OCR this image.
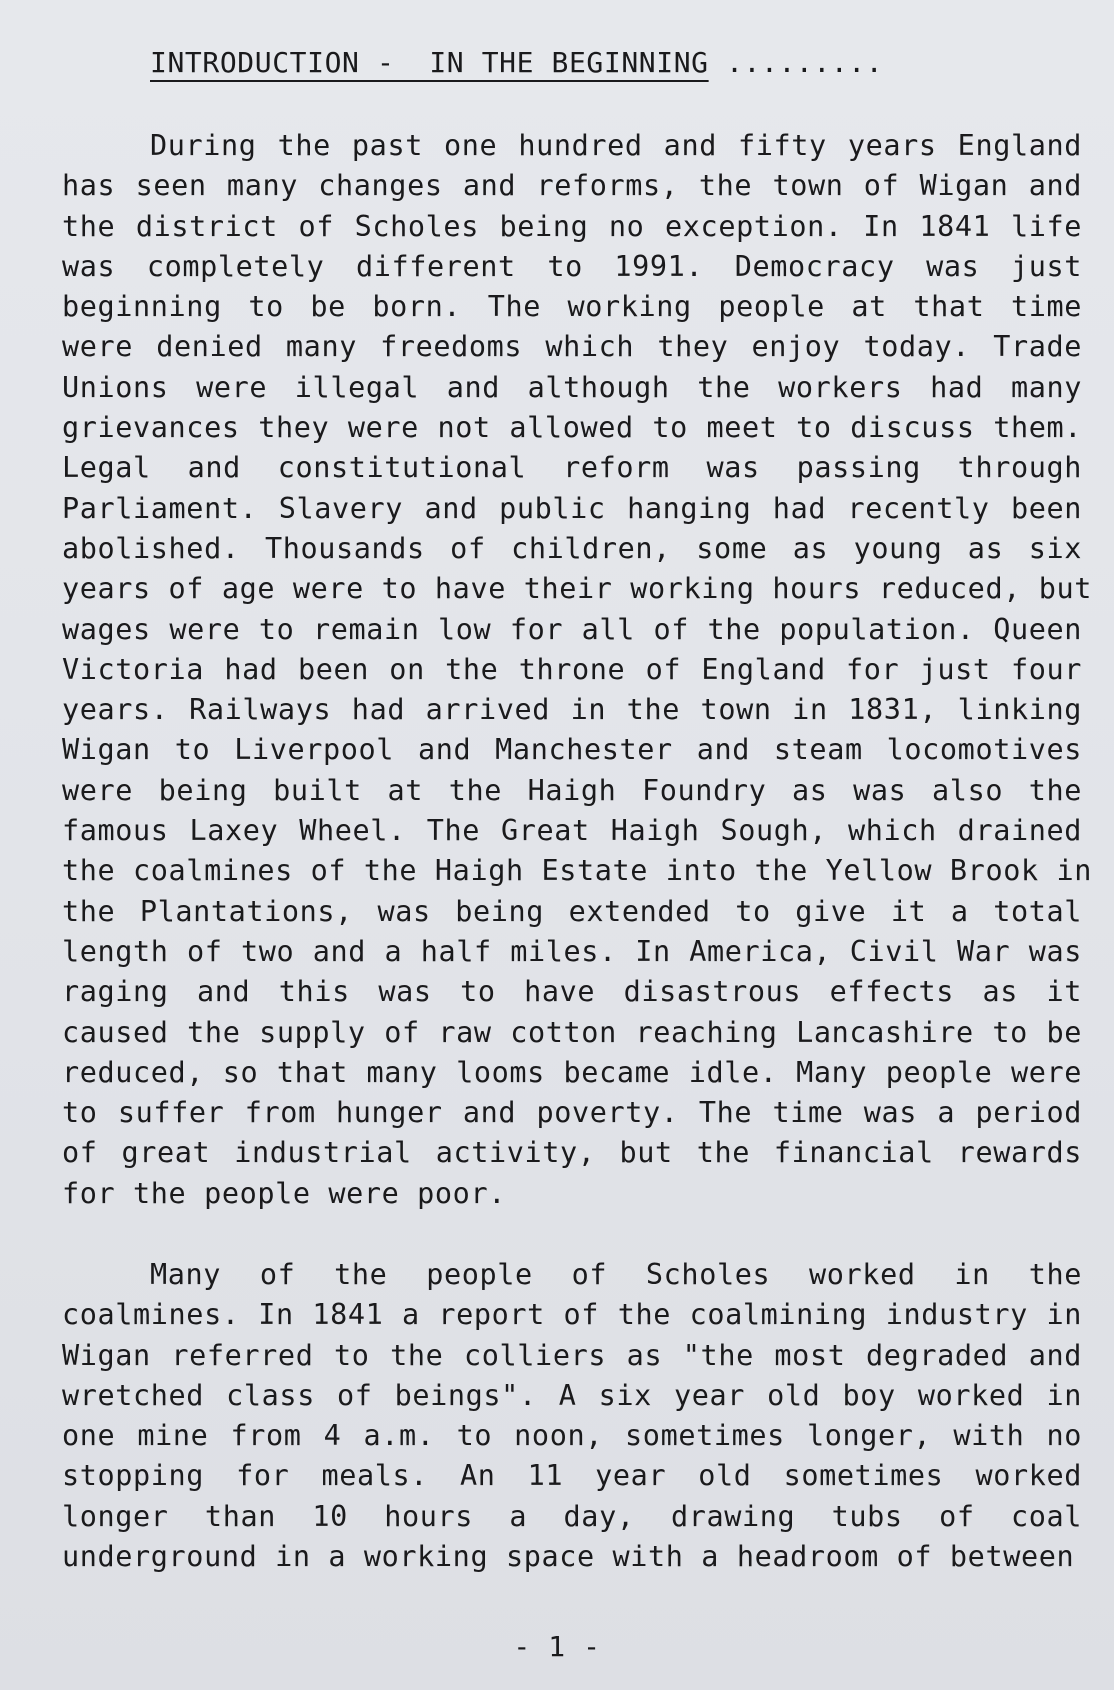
INTRODUCTION -  IN THE BEGINNING .........
During the past one hundred and fifty years England
has seen many changes and reforms, the town of Wigan and
the district of Scholes being no exception. In 1841 life
was completely different to 1991. Democracy was just
beginning to be born. The working people at that time
were denied many freedoms which they enjoy today. Trade
Unions were illegal and although the workers had many
grievances they were not allowed to meet to discuss them.
Legal and constitutional reform was passing through
Parliament. Slavery and public hanging had recently been
abolished. Thousands of children, some as young as six
years of age were to have their working hours reduced, but
wages were to remain low for all of the population. Queen
Victoria had been on the throne of England for just four
years. Railways had arrived in the town in 1831, linking
Wigan to Liverpool and Manchester and steam locomotives
were being built at the Haigh Foundry as was also the
famous Laxey Wheel. The Great Haigh Sough, which drained
the coalmines of the Haigh Estate into the Yellow Brook in
the Plantations, was being extended to give it a total
length of two and a half miles. In America, Civil War was
raging and this was to have disastrous effects as it
caused the supply of raw cotton reaching Lancashire to be
reduced, so that many looms became idle. Many people were
to suffer from hunger and poverty. The time was a period
of great industrial activity, but the financial rewards
for the people were poor.
Many of the people of Scholes worked in the
coalmines. In 1841 a report of the coalmining industry in
Wigan referred to the colliers as "the most degraded and
wretched class of beings". A six year old boy worked in
one mine from 4 a.m. to noon, sometimes longer, with no
stopping for meals. An 11 year old sometimes worked
longer than 10 hours a day, drawing tubs of coal
underground in a working space with a headroom of between
- 1 -
